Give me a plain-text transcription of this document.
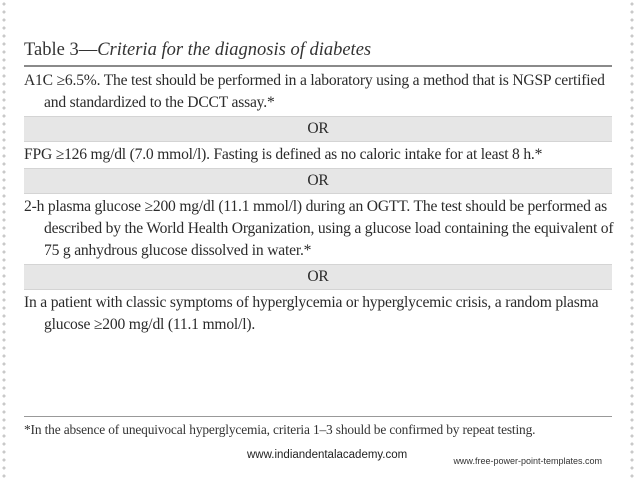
Table 3—Criteria for the diagnosis of diabetes
A1C ≥6.5%. The test should be performed in a laboratory using a method that is NGSP certified
and standardized to the DCCT assay.*
OR
FPG ≥126 mg/dl (7.0 mmol/l). Fasting is defined as no caloric intake for at least 8 h.*
OR
2-h plasma glucose ≥200 mg/dl (11.1 mmol/l) during an OGTT. The test should be performed as
described by the World Health Organization, using a glucose load containing the equivalent of
75 g anhydrous glucose dissolved in water.*
OR
In a patient with classic symptoms of hyperglycemia or hyperglycemic crisis, a random plasma
glucose ≥200 mg/dl (11.1 mmol/l).
*In the absence of unequivocal hyperglycemia, criteria 1–3 should be confirmed by repeat testing.
www.indiandentalacademy.com	www.free-power-point-templates.com
